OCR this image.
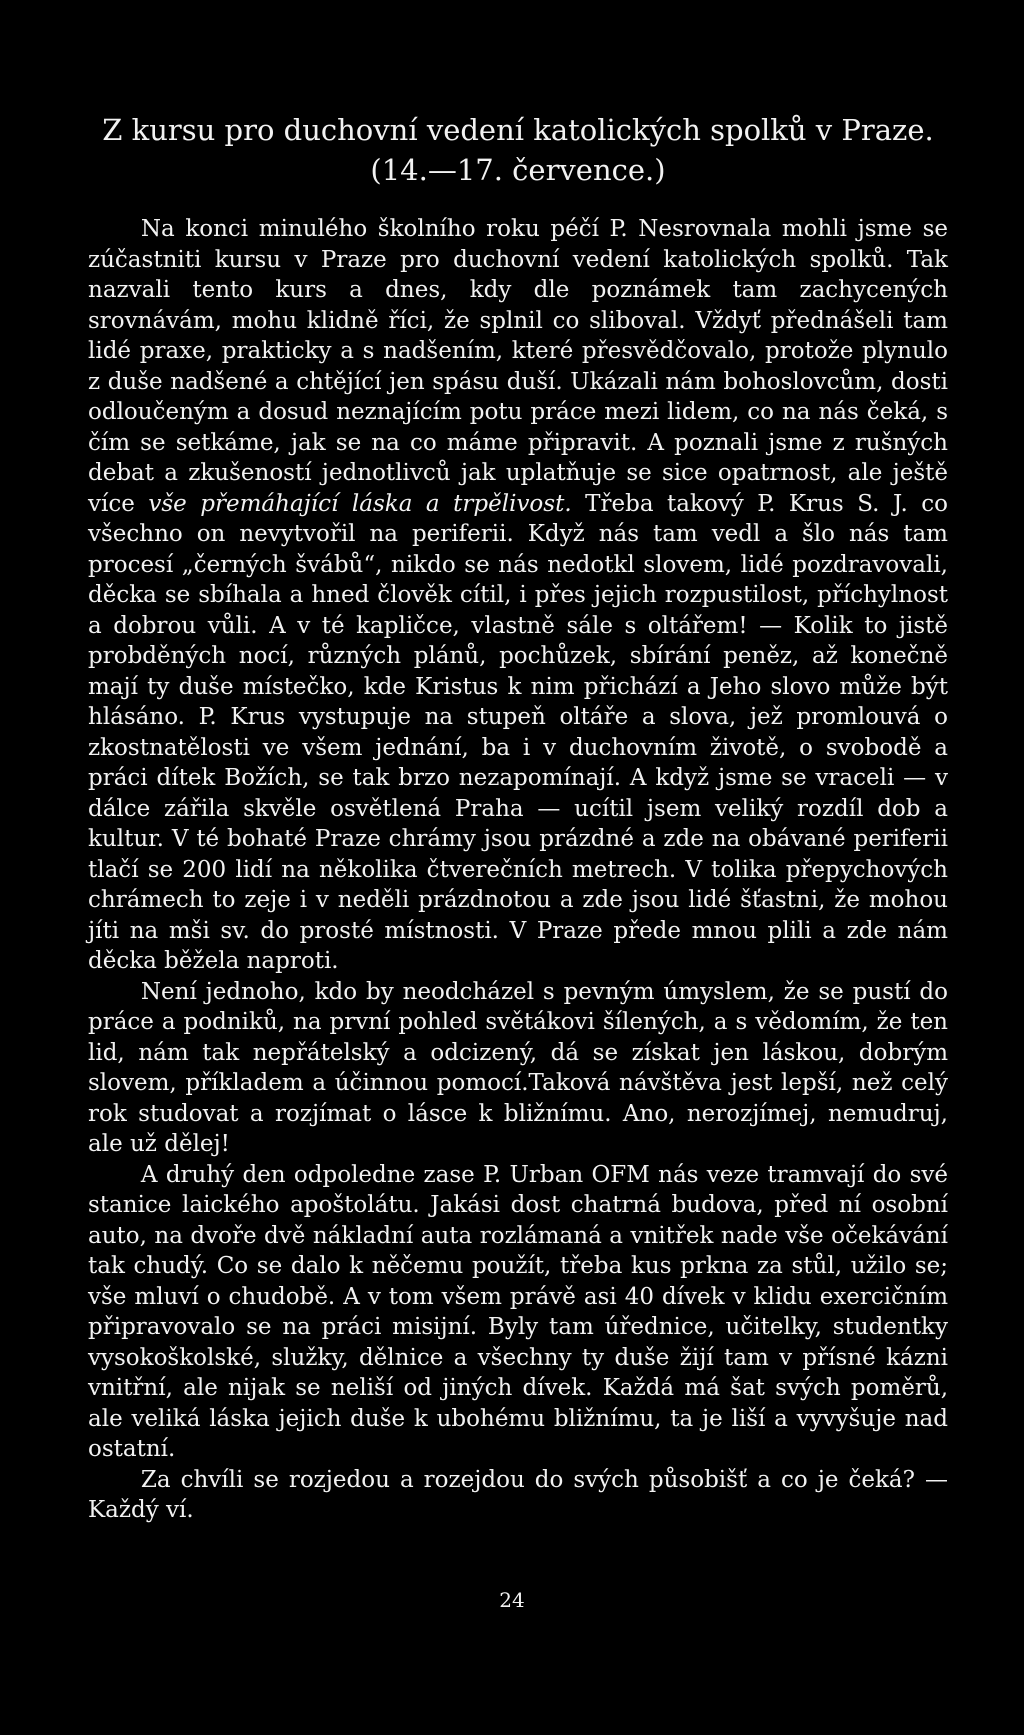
Z kursu pro duchovní vedení katolických spolků v Praze.
(14.—17. července.)

Na konci minulého školního roku péčí P. Nesrovnala mohli jsme se zúčastniti kursu v Praze pro duchovní vedení katolických spolků. Tak nazvali tento kurs a dnes, kdy dle poznámek tam zachycených srovnávám, mohu klidně říci, že splnil co sliboval. Vždyť přednášeli tam lidé praxe, prakticky a s nadšením, které přesvědčovalo, protože plynulo z duše nadšené a chtějící jen spásu duší. Ukázali nám bohoslovcům, dosti odloučeným a dosud neznajícím potu práce mezi lidem, co na nás čeká, s čím se setkáme, jak se na co máme připravit. A poznali jsme z rušných debat a zkušeností jednotlivců jak uplatňuje se sice opatrnost, ale ještě více vše přemáhající láska a trpělivost. Třeba takový P. Krus S. J. co všechno on nevytvořil na periferii. Když nás tam vedl a šlo nás tam procesí „černých švábů“, nikdo se nás nedotkl slovem, lidé pozdravovali, děcka se sbíhala a hned člověk cítil, i přes jejich rozpustilost, příchylnost a dobrou vůli. A v té kapličce, vlastně sále s oltářem! — Kolik to jistě probděných nocí, různých plánů, pochůzek, sbírání peněz, až konečně mají ty duše místečko, kde Kristus k nim přichází a Jeho slovo může být hlásáno. P. Krus vystupuje na stupeň oltáře a slova, jež promlouvá o zkostnatělosti ve všem jednání, ba i v duchovním životě, o svobodě a práci dítek Božích, se tak brzo nezapomínají. A když jsme se vraceli — v dálce zářila skvěle osvětlená Praha — ucítil jsem veliký rozdíl dob a kultur. V té bohaté Praze chrámy jsou prázdné a zde na obávané periferii tlačí se 200 lidí na několika čtverečních metrech. V tolika přepychových chrámech to zeje i v neděli prázdnotou a zde jsou lidé šťastni, že mohou jíti na mši sv. do prosté místnosti. V Praze přede mnou plili a zde nám děcka běžela naproti.

Není jednoho, kdo by neodcházel s pevným úmyslem, že se pustí do práce a podniků, na první pohled světákovi šílených, a s vědomím, že ten lid, nám tak nepřátelský a odcizený, dá se získat jen láskou, dobrým slovem, příkladem a účinnou pomocí.Taková návštěva jest lepší, než celý rok studovat a rozjímat o lásce k bližnímu. Ano, nerozjímej, nemudruj, ale už dělej!

A druhý den odpoledne zase P. Urban OFM nás veze tramvají do své stanice laického apoštolátu. Jakási dost chatrná budova, před ní osobní auto, na dvoře dvě nákladní auta rozlámaná a vnitřek nade vše očekávání tak chudý. Co se dalo k něčemu použít, třeba kus prkna za stůl, užilo se; vše mluví o chudobě. A v tom všem právě asi 40 dívek v klidu exercičním připravovalo se na práci misijní. Byly tam úřednice, učitelky, studentky vysokoškolské, služky, dělnice a všechny ty duše žijí tam v přísné kázni vnitřní, ale nijak se neliší od jiných dívek. Každá má šat svých poměrů, ale veliká láska jejich duše k ubohému bližnímu, ta je liší a vyvyšuje nad ostatní.

Za chvíli se rozjedou a rozejdou do svých působišť a co je čeká? — Každý ví.

24
